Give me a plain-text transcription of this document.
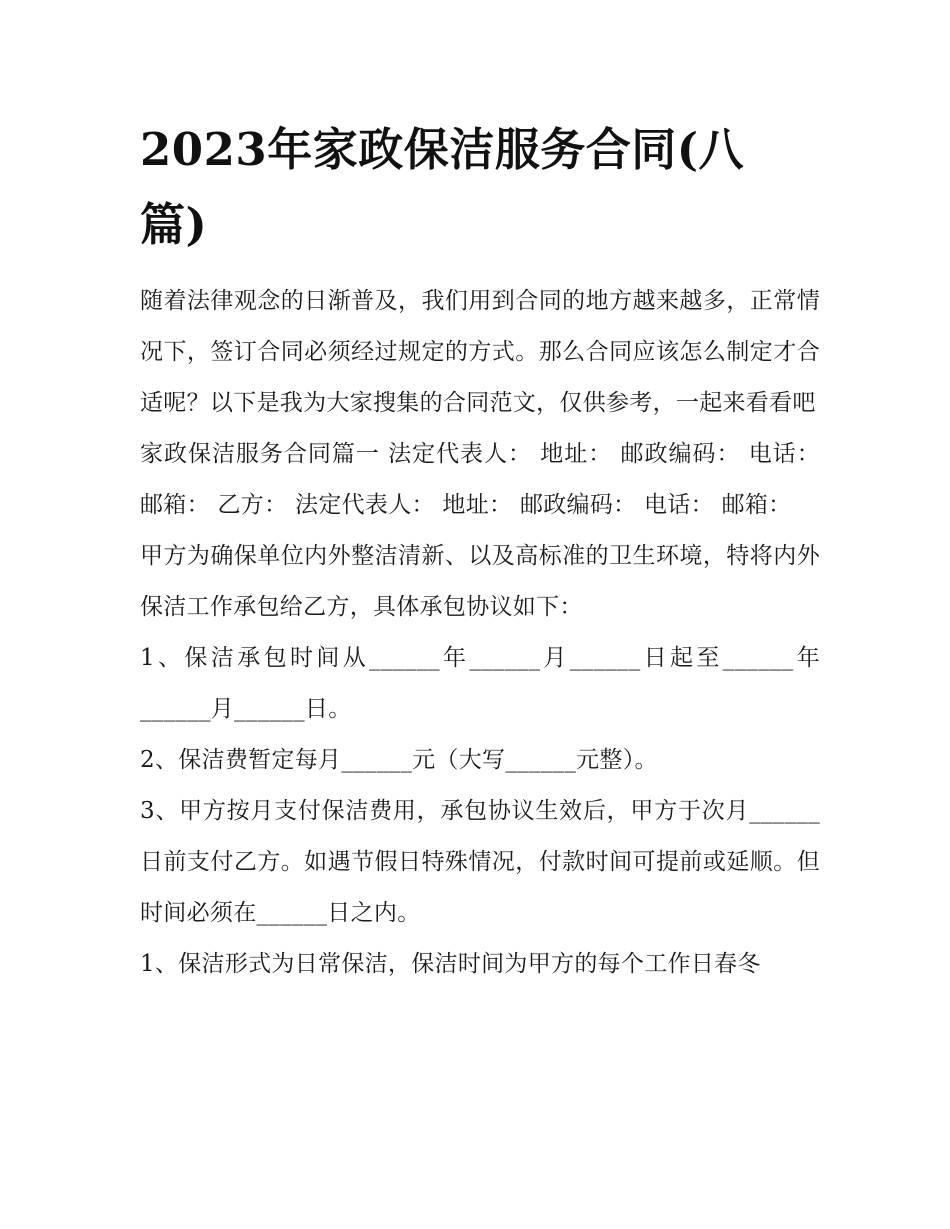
2023年家政保洁服务合同(八篇)

随着法律观念的日渐普及，我们用到合同的地方越来越多，正常情况下，签订合同必须经过规定的方式。那么合同应该怎么制定才合适呢？以下是我为大家搜集的合同范文，仅供参考，一起来看看吧

家政保洁服务合同篇一 法定代表人： 地址： 邮政编码： 电话： 邮箱： 乙方： 法定代表人： 地址： 邮政编码： 电话： 邮箱：

甲方为确保单位内外整洁清新、以及高标准的卫生环境，特将内外保洁工作承包给乙方，具体承包协议如下：

1、保洁承包时间从______年______月______日起至______年______月______日。

2、保洁费暂定每月______元（大写______元整）。

3、甲方按月支付保洁费用，承包协议生效后，甲方于次月______日前支付乙方。如遇节假日特殊情况，付款时间可提前或延顺。但时间必须在______日之内。

1、保洁形式为日常保洁，保洁时间为甲方的每个工作日春冬
